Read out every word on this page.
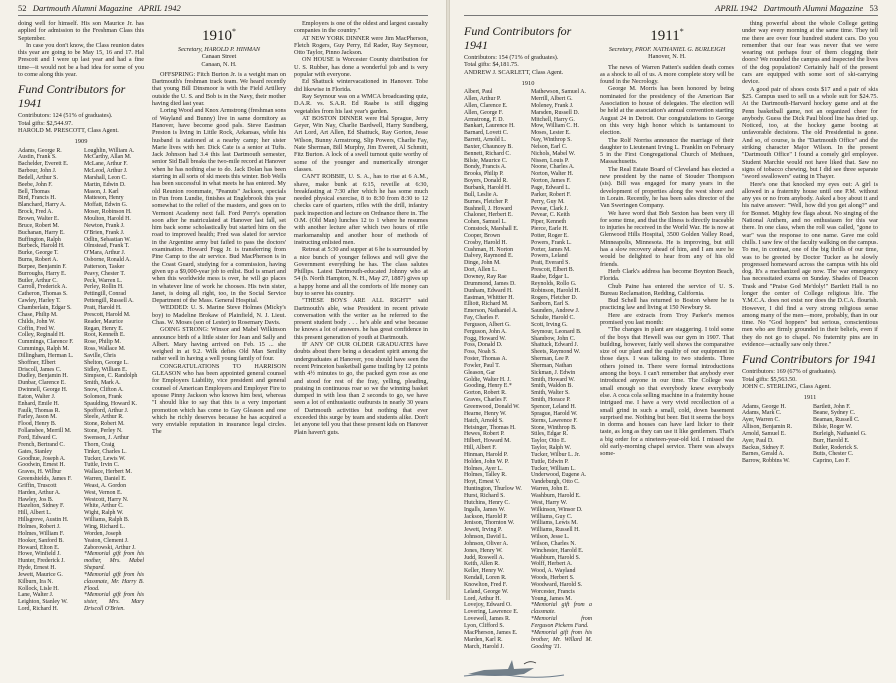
52 Dartmouth Alumni Magazine APRIL 1942

doing well for himself. His son Maurice Jr. has applied for admission to the Freshman Class this September.

In case you don't know, the Class reunion dates this year are going to be May 15, 16 and 17. Hal Prescott and I were up last year and had a fine time—it would not be a bad idea for some of you to come along this year.

Fund Contributors for 1941
Contributors: 124 (51% of graduates).
Total gifts: $2,544.97.
HAROLD M. PRESCOTT, Class Agent.
1909
Adams, George R.
Austin, Frank S.
Bachelder, Everett E.
Barbour, John J.
Bedell, Arthur S.
Beebe, John F.
Bell, Thomas
Bird, Francis H.
Blanchard, Harry A.
Brock, Fred A.
Brown, Walter E.
Bruce, Robert M.
Buchanan, Harry E.
Buffington, Ralph
Burbeck, Harold H.
Burke, George T.
Burns, Robert A.
Burpee, Benjamin F.
Burroughs, Harry E.
Butler, Arthur C.
Carroll, Frederick A.
Catheron, Thomas S.
Cawley, Harley T.
Chamberlain, Edgar S.
Chase, Philip M.
Childs, John W.
Coffin, Fred W.
Colley, Reginald H.
Cummings, Clarence F.
Cummings, Ralph M.
Dillingham, Herman L.
Shoffner, Elbert
Driscoll, James C.
Dudley, Benjamin H.
Dunbar, Clarence E.
Dwinnell, George H.
Eaton, Walter J.
Enhard, Emile H.
Faulk, Thomas R.
Farley, Jason M.
Flood, Henry B.
Follansbee, Merrill M.
Ford, Edward C.
French, Bertrand C.
Gates, Stanley
Goodhue, Joseph A.
Goodwin, Ernest H.
Graves, H. Wilbur
Greenshields, James F.
Griffin, Truscott
Harden, Arthur A.
Hawley, Jos B.
Hazelton, Sidney F.
Hill, Albert L.
Hillsgrove, Austin H.
Holmes, Robert J.
Holmes, William F.
Hooker, Sanford B.
Howard, Elton E.
Howe, Winfield J.
Hunter, Frederick J.
Hyde, Ernest H.
Jewett, Maurice G.
Kilburn, Ira N.
Kollock, Lisle H.
Lane, Walter J.
Leighton, Stanley W.
Lord, Richard H.
Loughlin, William A.
McCarthy, Allan M.
McLane, Arthur F.
McLeod, Arthur J.
Marshall, Leon C.
Martin, Edwin D.
Mason, J. Karl
Matteson, Henry
Moffatt, Edwin G.
Moser, Robinson H.
Moulton, Harold H.
Newton, Frank J.
O'Brien, Frank J.
Odlin, Sebastian W.
Olmstead, Frank T.
O'Mara, Arthur J.
Osborne, Ronald A.
Patterson, Tasker
Peavy, Chester T.
Peck, Warren L.
Perley, Rollin H.
Pettingill, Conrad
Pettengill, Russell A.
Pratt, Harold H.
Prescott, Harold M.
Reader, Maurice
Regan, Henry E.
Root, Kenneth E.
Rose, Philip M.
Ross, Wallace M.
Saville, Chris
Shelton, George L.
Sidley, William E.
Simpson, C. Randolph
Smith, Mark A.
Snow, Clifton A.
Solomon, Frank
Spaulding, Howard K.
Spofford, Arthur J.
Steele, Arthur R.
Stone, Robert M.
Stone, Perley N.
Swenson, J. Arthur
Thorn, Craig
Tinker, Charles L.
Tucker, Lewis W.
Tuttle, Irvin C.
Wallace, Herbert M.
Warren, Daniel E.
Weast, A. Gordon
West, Vernon E.
Westcott, Harry N.
White, Arthur C.
Wight, Ralph W.
Williams, Ralph B.
Wing, Richard L.
Worden, Joseph
Yeaton, Clement J.
Zaborowski, Arthur J.
*Memorial gift from his mother, Mrs. Mabel Shepard.
*Memorial gift from his classmate, Mr. Harry B. Flood.
*Memorial gift from his sister, Mrs. Mary Driscoll O'Brien.
1910*
Secretary, HAROLD P. HINMAN
Canaan Street
Canaan, N. H.

OFFSPRING: Fitch Burton Jr. is a weight man on Dartmouth's freshman track team. We heard recently that young Bill Dinsmoor is with the Field Artillery outside the U. S. and Bob is in the Navy, their mother having died last year.

Loring Wood and Knox Armstrong (freshman sons of Wayland and Bunny) live in same dormitory as Hanover, have become good pals. Steve Eastman Preston is living in Little Rock, Arkansas, while his husband is stationed at a nearby camp; her sister Marie lives with her. Dick Cate is a senior at Tufts. Jack Johnson had 3.4 this last Dartmouth semester, senior Sid Ball breaks the two-mile record at Hanover when he has nothing else to do. Jack Dolan has been starring in all sorts of ski meets this winter. Bob Wells has been successful in what meets he has entered. My old Reunion roommate, "Peanuts" Jackson, specials in Fun from Lundie, finishes at Englebrook this year somewhat to the relief of the masters, and goes on to Vermont Academy next fall. Ford Perry's operation soon after he matriculated at Hanover last fall, set him back some scholastically but started him on the road to improved health; Fred was slated for service in the Argentine army but failed to pass the doctors' examination. Howard Fogg Jr. is transferring from Pine Camp to the air service. Bud MacPherson is in the Coast Guard, studying for a commission, having given up a $9,000-year job to enlist. Bud is smart and when this worldwide mess is over, he will go places in whatever line of work he chooses. His twin sister, Janet, is doing all right, too, in the Social Service Department of the Mass. General Hospital.

WEDDED: U. S. Marine Steve Holmes (Micky's boy) to Madeline Brokaw of Plainfield, N. J. Lieut. Chas. W. Moses (son of Lester) to Rosemary Davis.

GOING STRONG: Winsor and Mabel Wilkinson announce birth of a little sister for Jean and Sally and Albert. Mary having arrived on Feb. 15 ... she weighed in at 9.2. Wilk defies Old Man Senility rather well in having a well young family of four.

CONGRATULATIONS TO HARRISON GLEASON who has been appointed general counsel for Employers Liability, vice president and general counsel of American Employers and Employer Fire to spouse Pinny Jackson who knows him best, whereas "I should like to say that this is a very important promotion which has come to Gay Gleason and one which he richly deserves because he has acquired a very enviable reputation in insurance legal circles. The

Employers is one of the oldest and largest casualty companies in the country."

AT NEW YORK DINNER were Jim MacPherson, Fletch Rogers, Guy Perry, Ed Rader, Ray Seymour, Otto Taylor, Pinno Jackson.

ON HOUSE is Worcester County distribution for U. S. Rubber, has done a wonderful job and is very popular with everyone.

Ed Shattuck wintervacationed in Hanover. Tobe did likewise in Florida.

Ray Seymour was on a WMCA broadcasting quiz, D.A.R. vs. S.A.R. Ed Raabe is still digging vegetables from his last year's garden.

AT BOSTON DINNER were Hal Sprague, Jerry Geyer, Win Nay, Charlie Bardwell, Harry Sundberg, Art Lord, Art Allen, Ed Shattuck, Ray Gorton, Jesse Wilson, Bunny Armstrong, Slip Powers, Charlie Fay, Nate Sherman, Bill Murphy, Jim Everett, Al Schmitt, Fitz Burton. A lock of a swell turnout quite worthy of some of the younger and numerically stronger classes.

CAN'T ROBBIE, U. S. A., has to rise at 6 A.M., shave, make bunk at 6:15, reveille at 6:30, breakfasting at 7:30 after which he has some much needed physical exercise, 8 to 8:30 from 8:30 to 12 checks care of quarters, rifles with the drill, infantry pack inspection and lecture on Ordnance there in. The O.M. (Old Man) lunches 12 to 1 where he resumes with another lecture after which two hours of rifle marksmanship and another hour of methods of instructing enlisted men.

Retreat at 5:30 and supper at 6 he is surrounded by a nice bunch of younger fellows and will give the Government everything he has. The class salutes Phillips. Latest Dartmouth-educated Johnny who at 54 (b. North Hampton, N. H., May 27, 1887) gives up a happy home and all the comforts of life money can buy to serve his country.

"THESE BOYS ARE ALL RIGHT" said Dartmouth's able, wise President in recent private conversation with the writer as he referred to the present student body . . . he's able and wise because he knows a lot of answers. he has great confidence in this present generation of youth at Dartmouth.

IF ANY OF OUR OLDER GRADUATES have doubts about there being a decadent spirit among the undergraduates at Hanover, you should have seen the recent Princeton basketball game trailing by 12 points with 4½ minutes to go, the packed gym rose as one and stood for rest of the fray, yelling, pleading, praising in continuous roar so we the winning basket dumped in with less than 2 seconds to go, we have seen a lot of enthusiastic outbursts in nearly 30 years of Dartmouth activities but nothing that ever exceeded this surge by team and students alike. Don't let anyone tell you that these present kids on Hanover Plain haven't guts.

APRIL 1942 Dartmouth Alumni Magazine 53
Fund Contributors for 1941
Contributors: 154 (71% of graduates).
Total gifts: $4,181.75.
ANDREW J. SCARLETT, Class Agent.
1910
Albert, Paul
Allen, Arthur P.
Allen, Clarence E.
Allen, George F.
Armstrong, F. D.
Bankart, Laurence H.
Barnard, Lovett C.
Barrett, Arnold L.
Baxter, Chauncey B.
Bennett, Richard C.
Bilsie, Maurice C.
Bondy, Francis A.
Brooks, Philip P.
Boyers, Donald R.
Burbank, Harold H.
Bull, Leslie A.
Burnes, Fletcher P.
Bushnell, J. Howard
Chaloner, Herbert E.
Cohen, Samuel L.
Comstock, Marshall E.
Cooper, Brown
Crosby, Harold H.
Cushman, H. Norton
Dalvey, Raymond E.
Dinge, John M.
Dort, Allen L.
Downey, Ray Rae
Drummond, James D.
Dunham, Edward H.
Eastman, Whittier H.
Elliott, Richard M.
Emerson, Nathaniel A.
Fay, Charles F.
Ferguson, Albert G.
Ferguson, John A.
Fogg, Howard W.
Foss, Donald D.
Foss, Noah S.
Foster, Thomas A.
Fowler, Paul T.
Gleason, Gar
Goldie, Walter H. J.
Gooding, Henry E.*
Gorton, Robert R.
Graves, Charles F.
Greenwood, Donald W.
Hearne, Henry W.
Hatch, Arnold S.
Heisinger, Thomas H.
Hewes, Robert P.
Hilbert, Howard M.
Hill, Albert F.
Hinman, Harold P.
Holden, John W. P.
Holmes, Ayer L.
Holmes, Talley R.
Hoyt, Ernest V.
Huntington, Thurlow W.
Hurst, Richard S.
Hutchins, Henry C.
Ingalls, James W.
Jackson, Harold P.
Jenison, Thornton W.
Jewett, Irving P.
Johnson, David L.
Johnson, Oliver A.
Jones, Henry W.
Judd, Roswell A.
Keith, Allen R.
Keller, Henry W.
Kendall, Loren R.
Knowlton, Fred F.
Leland, George W.
Lord, Arthur H.
Lovejoy, Edward O.
Lovering, Lawrence E.
Lovewell, James R.
Lyon, Clifford S.
MacPherson, James E.
Marden, Karl R.
March, Harold J.
Mathewson, Samuel A.
Merrill, Albert G.
Moleney, Frank J.
Marsden, Russell D.
Mitchell, Harry G.
Mow, William C. H.
Moses, Lester E.
Nay, Winthrop S.
Nelson, Earl C.
Nichols, Mabel W.
Nissen, Louis P.
Noone, Charles A.
Norton, Walter H.
Norton, James F.
Page, Edward L.
Parker, Robert F.
Perry, Guy M.
Pevear, Clark J.
Pevear, C. Keith
Piper, Kenneth
Pierce, Earle H.
Potter, Roger E.
Powers, Frank L.
Porter, James M.
Powers, Leland
Pratt, Everard S.
Prescott, Elbert B.
Raabe, Edgar L.
Reynolds, Rollo G.
Robinson, Harold H.
Rogers, Fletcher D.
Sanborn, Earl S.
Saunders, Andrew J.
Schulte, Harold C.
Scott, Irving G.
Seymour, Leonard B.
Shambow, John C.
Shattuck, Edward J.
Sheets, Raymond W.
Sherman, Lee P.
Sherman, Nathan
Sickman, J. Edwin
Smith, Howard W.
Smith, Waldon B.
Smith, Walter S.
Smith, Horace P.
Spencer, Leland H.
Sprague, Harold W.
Sterns, Lawrence F.
Stone, Winthrop B.
Stiles, Edgar R.
Taylor, Otto E.
Taylor, Ralph W.
Tucker, Wilbur L. Jr.
Tuttle, Edwin P.
Tucker, William L.
Underwood, Eugene A.
Vandeburgh, Otto C.
Warren, John E.
Washburn, Harold E.
West, Harry W.
Wilkinson, Winsor D.
Williams, Guy C.
Williams, Lewis M.
Williams, Russell H.
Wilson, Jesse L.
Wilson, Charles N.
Winchester, Harold E.
Washburn, Harold S.
Wolff, Herbert A.
Wood, A. Wayland
Woods, Herbert S.
Woodward, Harold S.
Worcester, Francis
Young, James M.
*Memorial gift from a classmate.
*Memorial from Ferguson Pickens Fund.
*Memorial gift from his brother, Mr. Willard M. Gooding '11.
1911*
Secretary, PROF. NATHANIEL G. BURLEIGH
Hanover, N. H.

The news of Warren Patten's sudden death comes as a shock to all of us. A more complete story will be found in the Necrology.

George M. Morris has been honored by being nominated for the presidency of the American Bar Association to house of delegates. The election will be held at the association's annual convention starting August 24 in Detroit. Our congratulations to George on this very high honor which is tantamount to election.

The Rolf Norriss announce the marriage of their daughter to Lieutenant Irving L. Franklin on February 5 in the First Congregational Church of Methuen, Massachusetts.

The Real Estate Board of Cleveland has elected a new president by the name of Stouder Thompson (sis). Bill was engaged for many years in the development of properties along the west shore and in Lorain. Recently, he has been sales director of the Van Sweringen Company.

We have word that Bob Sexton has been very ill for some time, and that the illness is directly traceable to injuries he received in the World War. He is now at Glenwood Hills Hospital, 3500 Golden Valley Road, Minneapolis, Minnesota. He is improving, but still has a slow recovery ahead of him, and I am sure he would be delighted to hear from any of his old friends.

Herb Clark's address has become Boynton Beach, Florida.

Chub Paine has entered the service of U. S. Bureau Reclamation, Redding, California.

Bud Schell has returned to Boston where he is practicing law and living at 150 Newbury St.

Here are extracts from Troy Parker's memos promised you last month:

"The changes in plant are staggering. I told some of the boys that Hewell was our gym in 1907. That building, however, fairly well shows the comparative size of our plant and the quality of our equipment in those days. I was talking to two students. Three others joined in. There were formal introductions among the boys. I can't remember that anybody ever introduced anyone in our time. The College was small enough so that everybody knew everybody else. A coca cola selling machine in a fraternity house intrigued me. I have a very vivid recollection of a small grind in such a small, cold, down basement surprised me. Nothing but beer. But it seems the boys in dorms and houses can have lard licker to their taste, as long as they can use it like gentlemen. That's a big order for a nineteen-year-old kid. I missed the old early-morning chapel service. There was always some-

thing powerful about the whole College getting under way every morning at the same time. They tell me there are over four hundred student cars. Do you remember that our fear was never that we were wearing out perhaps four of them clogging their doors? We rounded the campus and inspected the lives of the dog population? Certainly half of the present cars are equipped with some sort of ski-carrying device.

A good pair of shoes costs $17 and a pair of skis $25. Campus used to sell us a whole suit for $24.75. At the Dartmouth-Harvard hockey game and at the Penn basketball game, not an organized cheer for anybody. Guess the Dick Paul blood line has dried up. Noticed, too, at the hockey game booing at unfavorable decisions. The old Presidential is gone. And so, of course, is the "Dartmouth Office" and the striking character Major Wilson. In the present "Dartmouth Office" I found a comely girl employee. Student Marchie would not have liked that. Saw no signs of tobacco chewing, but I did see three separate "sword swallowers" eating in Thayer.

Here's one that knocked my eyes out: A girl is allowed in a fraternity house until one P.M. without any yes or no from anybody. Asked a boy about it and his naive answer: "Well, how did you get along?" and for Bonnet. Mighty few flags about. No singing of the National Anthem, and no enthusiasm for this war there. In one class, when the roll was called, "gone to war" was the response to one name. Gave me cold chills. I saw few of the faculty walking on the campus. To me, in contrast, one of the big thrills of our time, was to be greeted by Doctor Tucker as he slowly progressed homeward across the campus with his old dog. It's a mechanized age now. The war emergency has necessitated exams on Sunday. Shades of Deacon Trask and "Praise God Me'doly!" Bartlett Hall is no longer the center of College religious life. The Y.M.C.A. does not exist nor does the D.C.A. flourish. However, I did find a very strong religious sense among many of the men—more, probably, than in our time. No "God hoppers" but serious, conscientious men who are firmly grounded in their beliefs, even if they do not go to chapel. No fraternity pins are in evidence—actually saw only three."

Fund Contributors for 1941
Contributors: 169 (67% of graduates).
Total gifts: $5,563.50.
JOHN C. STERLING, Class Agent.
1911
Adams, George H.
Adams, Mark C.
Ayer, Warren C.
Allison, Benjamin R.
Arnold, Samuel E.
Ayer, Paul D.
Backus, Sidney F.
Barnes, Gerald A.
Barrow, Robbins W.
Bartlett, John F.
Beane, Sydney C.
Beaman, Russell C.
Bilsie, Roger W.
Burleigh, Nathaniel G.
Burr, Harold E.
Butler, Roderick S.
Butts, Chester C.
Caprino, Leo F.
